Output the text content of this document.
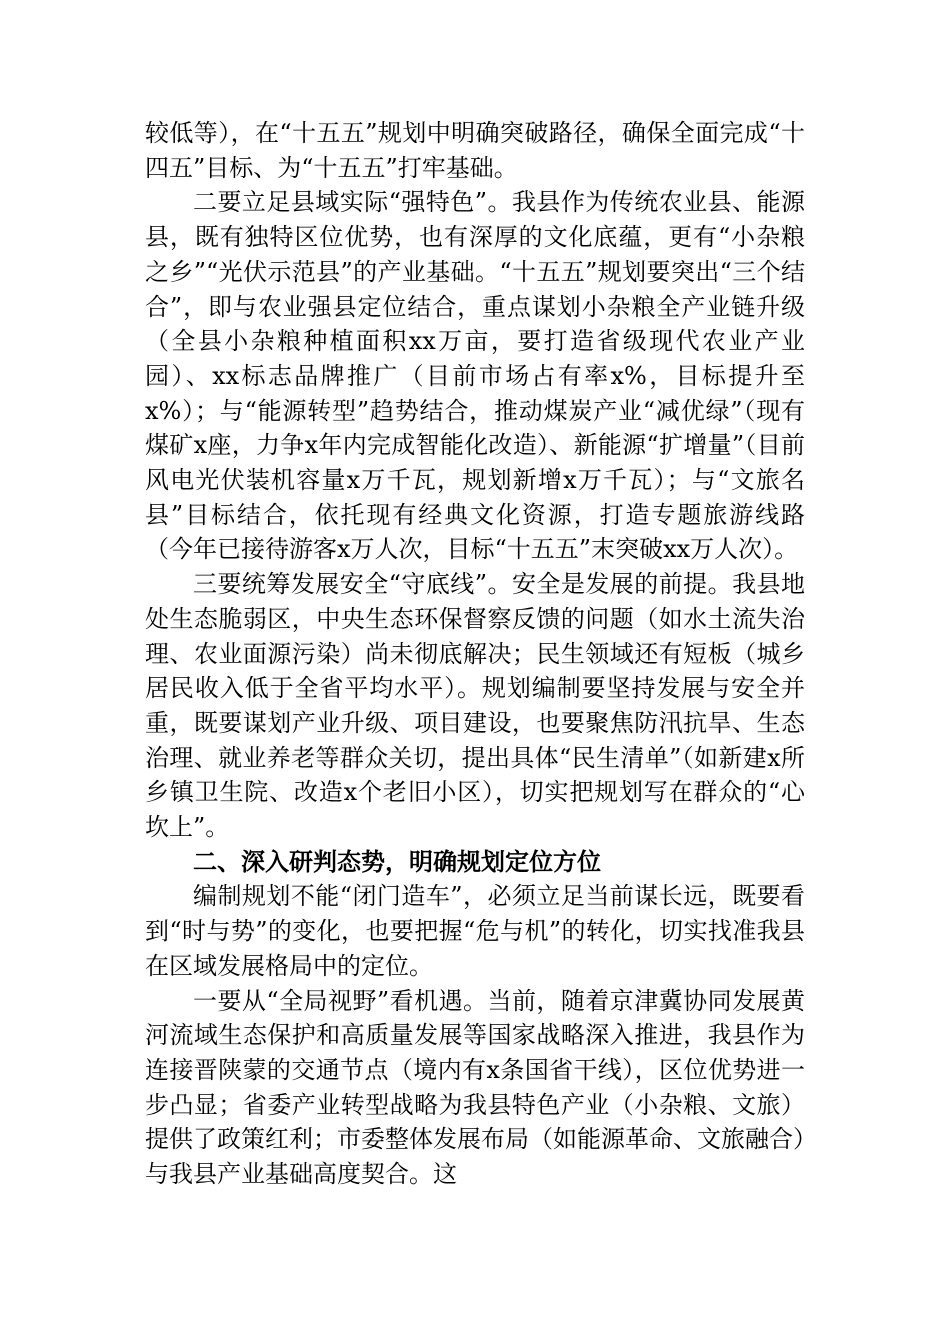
较低等），在“十五五”规划中明确突破路径，确保全面完成“十四五”目标、为“十五五”打牢基础。

二要立足县域实际“强特色”。我县作为传统农业县、能源县，既有独特区位优势，也有深厚的文化底蕴，更有“小杂粮之乡”“光伏示范县”的产业基础。“十五五”规划要突出“三个结合”，即与农业强县定位结合，重点谋划小杂粮全产业链升级（全县小杂粮种植面积xx万亩，要打造省级现代农业产业园）、xx标志品牌推广（目前市场占有率x%，目标提升至x%）；与“能源转型”趋势结合，推动煤炭产业“减优绿”（现有煤矿x座，力争x年内完成智能化改造）、新能源“扩增量”（目前风电光伏装机容量x万千瓦，规划新增x万千瓦）；与“文旅名县”目标结合，依托现有经典文化资源，打造专题旅游线路（今年已接待游客x万人次，目标“十五五”末突破xx万人次）。

三要统筹发展安全“守底线”。安全是发展的前提。我县地处生态脆弱区，中央生态环保督察反馈的问题（如水土流失治理、农业面源污染）尚未彻底解决；民生领域还有短板（城乡居民收入低于全省平均水平）。规划编制要坚持发展与安全并重，既要谋划产业升级、项目建设，也要聚焦防汛抗旱、生态治理、就业养老等群众关切，提出具体“民生清单”（如新建x所乡镇卫生院、改造x个老旧小区），切实把规划写在群众的“心坎上”。

二、深入研判态势，明确规划定位方位

编制规划不能“闭门造车”，必须立足当前谋长远，既要看到“时与势”的变化，也要把握“危与机”的转化，切实找准我县在区域发展格局中的定位。

一要从“全局视野”看机遇。当前，随着京津冀协同发展黄河流域生态保护和高质量发展等国家战略深入推进，我县作为连接晋陕蒙的交通节点（境内有x条国省干线），区位优势进一步凸显；省委产业转型战略为我县特色产业（小杂粮、文旅）提供了政策红利；市委整体发展布局（如能源革命、文旅融合）与我县产业基础高度契合。这
